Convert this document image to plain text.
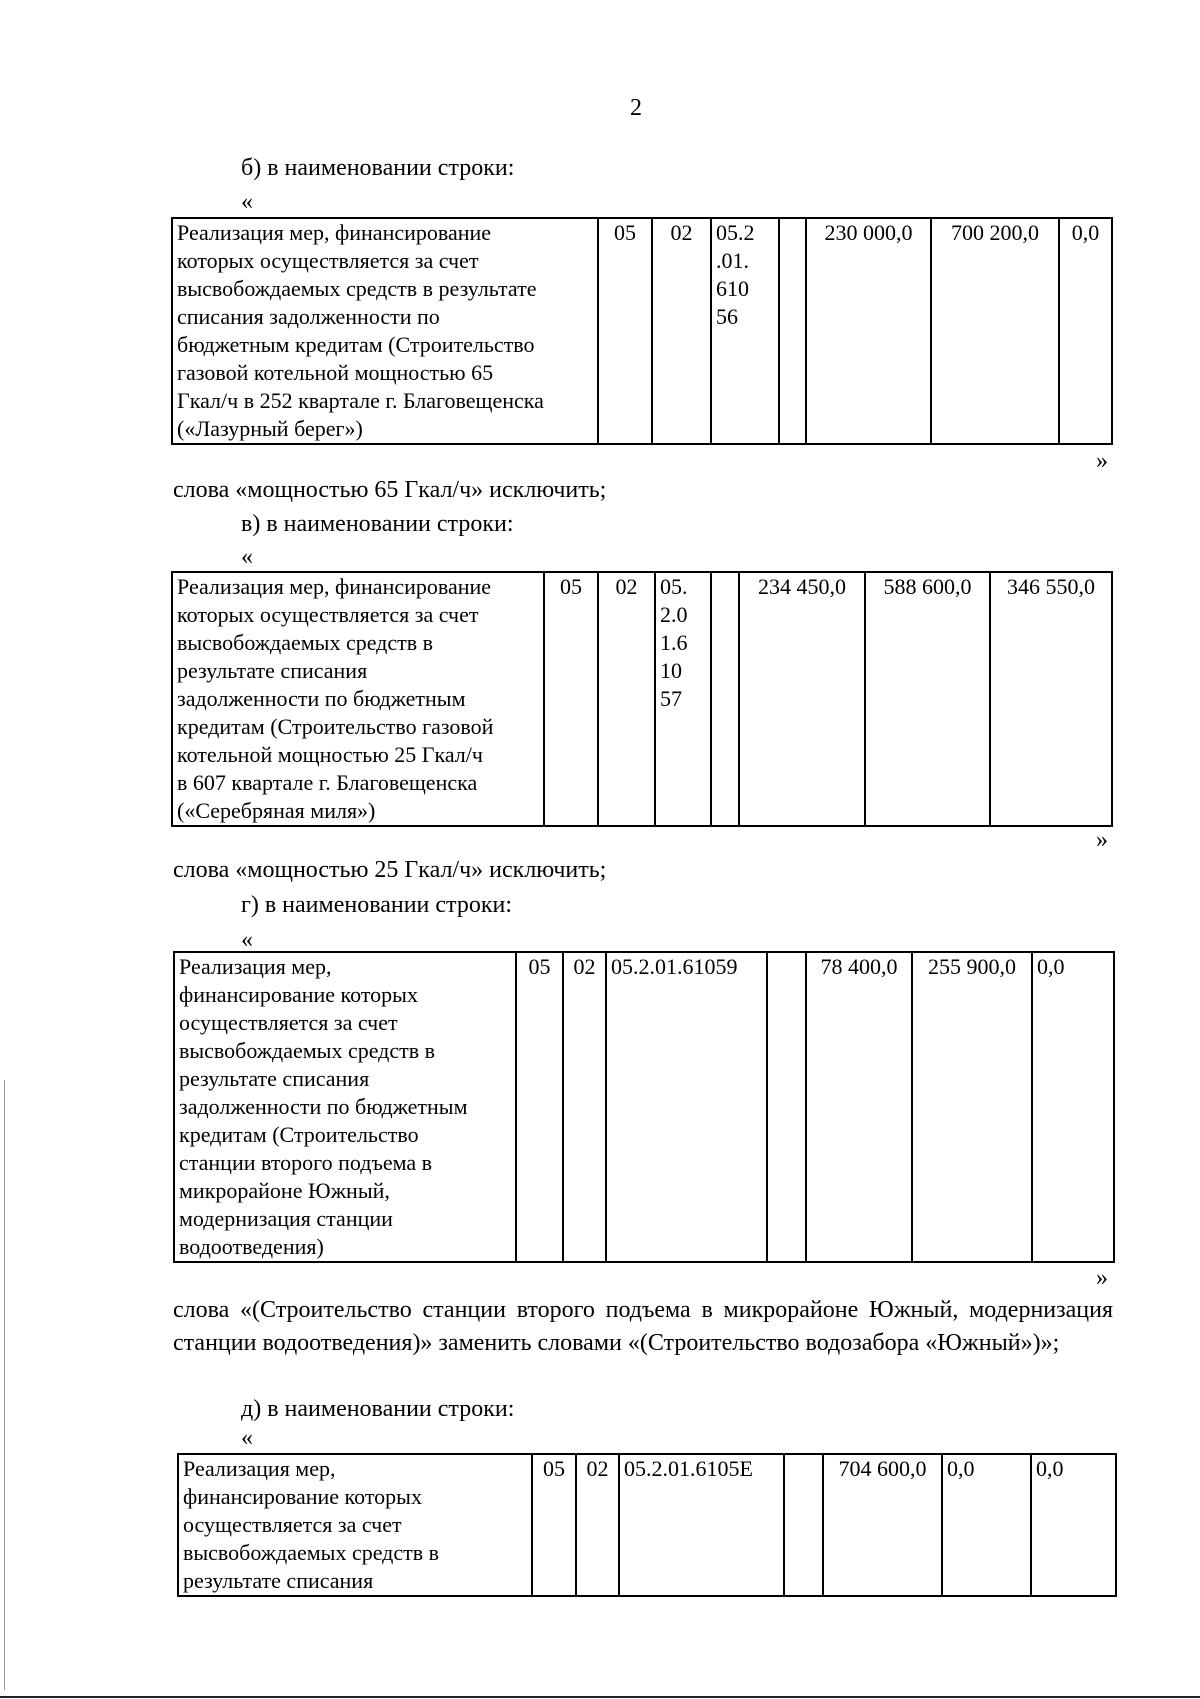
2
б) в наименовании строки:
«
Реализация мер, финансирование
которых осуществляется за счет
высвобождаемых средств в результате
списания задолженности по
бюджетным кредитам (Строительство
газовой котельной мощностью 65
Гкал/ч в 252 квартале г. Благовещенска
(«Лазурный берег»)	05	02	05.2
.01.
610
56		230 000,0	700 200,0	0,0
»
слова «мощностью 65 Гкал/ч» исключить;
в) в наименовании строки:
«
Реализация мер, финансирование
которых осуществляется за счет
высвобождаемых средств в
результате списания
задолженности по бюджетным
кредитам (Строительство газовой
котельной мощностью 25 Гкал/ч
в 607 квартале г. Благовещенска
(«Серебряная миля»)	05	02	05.
2.0
1.6
10
57		234 450,0	588 600,0	346 550,0
»
слова «мощностью 25 Гкал/ч» исключить;
г) в наименовании строки:
«
Реализация мер,
финансирование которых
осуществляется за счет
высвобождаемых средств в
результате списания
задолженности по бюджетным
кредитам (Строительство
станции второго подъема в
микрорайоне Южный,
модернизация станции
водоотведения)	05	02	05.2.01.61059		78 400,0	255 900,0	0,0
»
слова «(Строительство станции второго подъема в микрорайоне Южный, модернизация станции водоотведения)» заменить словами «(Строительство водозабора «Южный»)»;
д) в наименовании строки:
«
Реализация мер,
финансирование которых
осуществляется за счет
высвобождаемых средств в
результате списания	05	02	05.2.01.6105Е		704 600,0	0,0	0,0
